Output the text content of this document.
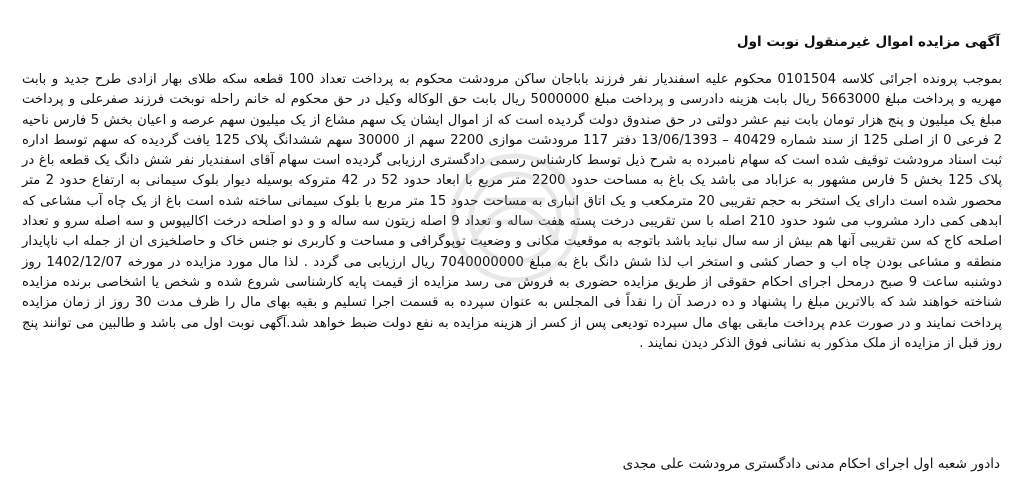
آگهی مزایده اموال غیرمنقول نوبت اول
بموجب پرونده اجرائی کلاسه 0101504 محکوم علیه اسفندیار نفر فرزند باباجان ساکن مرودشت محکوم به پرداخت تعداد 100 قطعه سکه طلای بهار ازادی طرح جدید و بابت مهریه و پرداخت مبلغ 5663000 ریال بابت هزینه دادرسی و پرداخت مبلغ 5000000 ریال بابت حق الوکاله وکیل در حق محکوم له خانم راحله نوبخت فرزند صفرعلی و پرداخت مبلغ یک میلیون و پنج هزار تومان بابت نیم عشر دولتی در حق صندوق دولت گردیده است که از اموال ایشان یک سهم مشاع از یک میلیون سهم عرصه و اعیان بخش 5 فارس ناحیه 2 فرعی 0 از اصلی 125 از سند شماره 40429 – 13/06/1393 دفتر 117 مرودشت موازی 2200 سهم از 30000 سهم ششدانگ پلاک 125 یافت گردیده که سهم توسط اداره ثبت اسناد مرودشت توقیف شده است که سهام نامبرده به شرح ذیل توسط کارشناس رسمی دادگستری ارزیابی گردیده است سهام آقای اسفندیار نفر شش دانگ یک قطعه باغ در پلاک 125 بخش 5 فارس مشهور به عزاباد می باشد یک باغ به مساحت حدود 2200 متر مربع با ابعاد حدود 52 در 42 متروکه بوسیله دیوار بلوک سیمانی به ارتفاع حدود 2 متر محصور شده است دارای یک استخر به حجم تقریبی 20 مترمکعب و یک اتاق انباری به مساحت حدود 15 متر مربع با بلوک سیمانی ساخته شده است باغ از یک چاه آب مشاعی که ابدهی کمی دارد مشروب می شود حدود 210 اصله با سن تقریبی درخت پسته هفت ساله و تعداد 9 اصله زیتون سه ساله و و دو اصلحه درخت اکالیپوس و سه اصله سرو و تعداد اصلحه کاج که سن تقریبی آنها هم بیش از سه سال نباید باشد باتوجه به موقعیت مکانی و وضعیت توپوگرافی و مساحت و کاربری نو جنس خاک و حاصلخیزی ان از جمله اب ناپایدار منطقه و مشاعی بودن چاه اب و حصار کشی و استخر اب لذا شش دانگ باغ به مبلغ 7040000000 ریال ارزیابی می گردد . لذا مال مورد مزایده در مورخه 1402/12/07 روز دوشنبه ساعت 9 صبح درمحل اجرای احکام حقوقی از طریق مزایده حضوری به فروش می رسد مزایده از قیمت پایه کارشناسی شروع شده و شخص یا اشخاصی برنده مزایده شناخته خواهند شد که بالاترین مبلغ را پشنهاد و ده درصد آن را نقداً فی المجلس به عنوان سپرده به قسمت اجرا تسلیم و بقیه بهای مال را ظرف مدت 30 روز از زمان مزایده پرداخت نمایند و در صورت عدم پرداخت مابقی بهای مال سپرده تودیعی پس از کسر از هزینه مزایده به نفع دولت ضبط خواهد شد.آگهی نوبت اول می باشد و طالبین می توانند پنج روز قبل از مزایده از ملک مذکور به نشانی فوق الذکر دیدن نمایند .
دادور شعبه اول اجرای احکام مدنی دادگستری مرودشت علی مجدی
